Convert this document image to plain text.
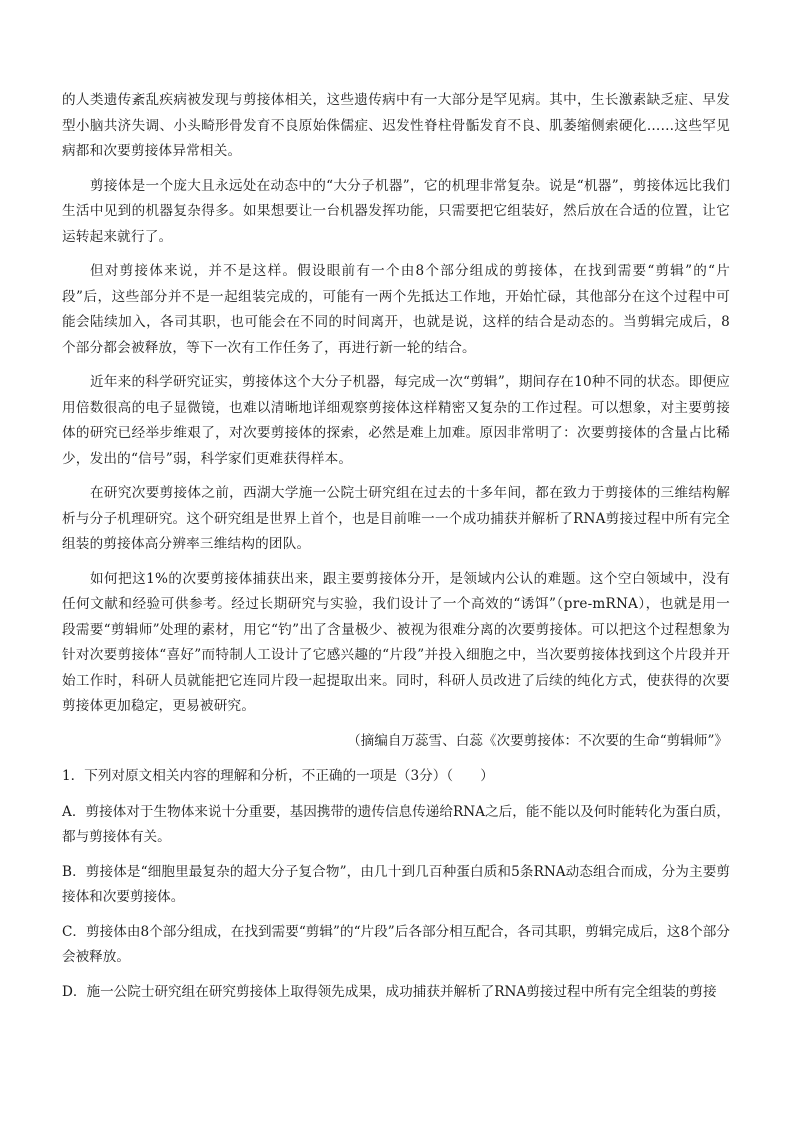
的人类遗传紊乱疾病被发现与剪接体相关，这些遗传病中有一大部分是罕见病。其中，生长激素缺乏症、早发型小脑共济失调、小头畸形骨发育不良原始侏儒症、迟发性脊柱骨骺发育不良、肌萎缩侧索硬化……这些罕见病都和次要剪接体异常相关。

剪接体是一个庞大且永远处在动态中的“大分子机器”，它的机理非常复杂。说是“机器”，剪接体远比我们生活中见到的机器复杂得多。如果想要让一台机器发挥功能，只需要把它组装好，然后放在合适的位置，让它运转起来就行了。

但对剪接体来说，并不是这样。假设眼前有一个由8个部分组成的剪接体，在找到需要“剪辑”的“片段”后，这些部分并不是一起组装完成的，可能有一两个先抵达工作地，开始忙碌，其他部分在这个过程中可能会陆续加入，各司其职，也可能会在不同的时间离开，也就是说，这样的结合是动态的。当剪辑完成后，8个部分都会被释放，等下一次有工作任务了，再进行新一轮的结合。

近年来的科学研究证实，剪接体这个大分子机器，每完成一次“剪辑”，期间存在10种不同的状态。即便应用倍数很高的电子显微镜，也难以清晰地详细观察剪接体这样精密又复杂的工作过程。可以想象，对主要剪接体的研究已经举步维艰了，对次要剪接体的探索，必然是难上加难。原因非常明了：次要剪接体的含量占比稀少，发出的“信号”弱，科学家们更难获得样本。

在研究次要剪接体之前，西湖大学施一公院士研究组在过去的十多年间，都在致力于剪接体的三维结构解析与分子机理研究。这个研究组是世界上首个，也是目前唯一一个成功捕获并解析了RNA剪接过程中所有完全组装的剪接体高分辨率三维结构的团队。

如何把这1%的次要剪接体捕获出来，跟主要剪接体分开，是领域内公认的难题。这个空白领域中，没有任何文献和经验可供参考。经过长期研究与实验，我们设计了一个高效的“诱饵”（pre-mRNA），也就是用一段需要“剪辑师”处理的素材，用它“钓”出了含量极少、被视为很难分离的次要剪接体。可以把这个过程想象为针对次要剪接体“喜好”而特制人工设计了它感兴趣的“片段”并投入细胞之中，当次要剪接体找到这个片段并开始工作时，科研人员就能把它连同片段一起提取出来。同时，科研人员改进了后续的纯化方式，使获得的次要剪接体更加稳定，更易被研究。

（摘编自万蕊雪、白蕊《次要剪接体：不次要的生命“剪辑师”》

1．下列对原文相关内容的理解和分析，不正确的一项是（3分）（　　）

A．剪接体对于生物体来说十分重要，基因携带的遗传信息传递给RNA之后，能不能以及何时能转化为蛋白质，都与剪接体有关。

B．剪接体是“细胞里最复杂的超大分子复合物”，由几十到几百种蛋白质和5条RNA动态组合而成，分为主要剪接体和次要剪接体。

C．剪接体由8个部分组成，在找到需要“剪辑”的“片段”后各部分相互配合，各司其职，剪辑完成后，这8个部分会被释放。

D．施一公院士研究组在研究剪接体上取得领先成果，成功捕获并解析了RNA剪接过程中所有完全组装的剪接
